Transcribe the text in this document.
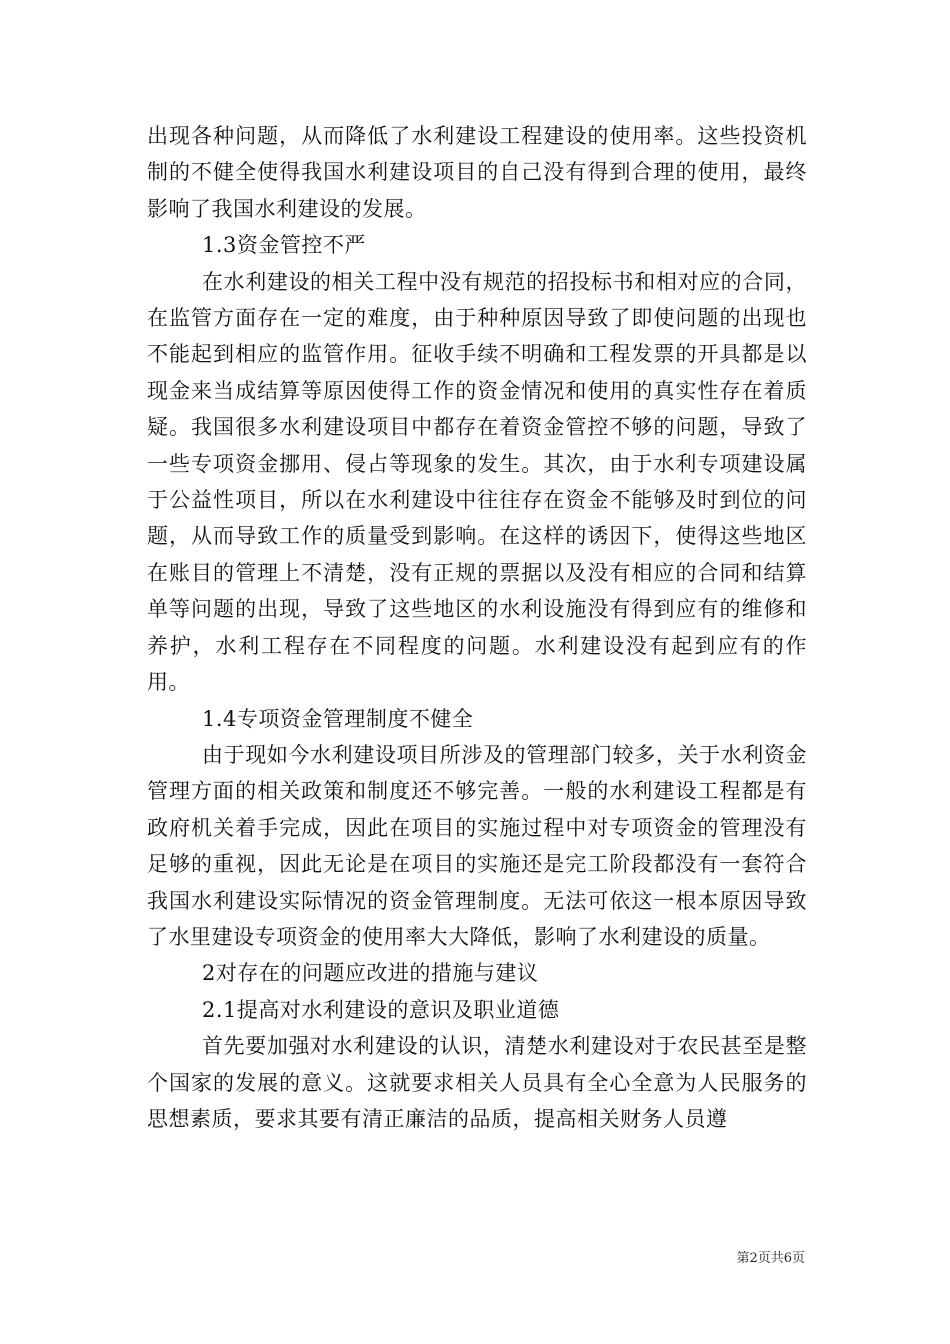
出现各种问题，从而降低了水利建设工程建设的使用率。这些投资机制的不健全使得我国水利建设项目的自己没有得到合理的使用，最终影响了我国水利建设的发展。

1.3资金管控不严

在水利建设的相关工程中没有规范的招投标书和相对应的合同，在监管方面存在一定的难度，由于种种原因导致了即使问题的出现也不能起到相应的监管作用。征收手续不明确和工程发票的开具都是以现金来当成结算等原因使得工作的资金情况和使用的真实性存在着质疑。我国很多水利建设项目中都存在着资金管控不够的问题，导致了一些专项资金挪用、侵占等现象的发生。其次，由于水利专项建设属于公益性项目，所以在水利建设中往往存在资金不能够及时到位的问题，从而导致工作的质量受到影响。在这样的诱因下，使得这些地区在账目的管理上不清楚，没有正规的票据以及没有相应的合同和结算单等问题的出现，导致了这些地区的水利设施没有得到应有的维修和养护，水利工程存在不同程度的问题。水利建设没有起到应有的作用。

1.4专项资金管理制度不健全

由于现如今水利建设项目所涉及的管理部门较多，关于水利资金管理方面的相关政策和制度还不够完善。一般的水利建设工程都是有政府机关着手完成，因此在项目的实施过程中对专项资金的管理没有足够的重视，因此无论是在项目的实施还是完工阶段都没有一套符合我国水利建设实际情况的资金管理制度。无法可依这一根本原因导致了水里建设专项资金的使用率大大降低，影响了水利建设的质量。

2对存在的问题应改进的措施与建议

2.1提高对水利建设的意识及职业道德

首先要加强对水利建设的认识，清楚水利建设对于农民甚至是整个国家的发展的意义。这就要求相关人员具有全心全意为人民服务的思想素质，要求其要有清正廉洁的品质，提高相关财务人员遵

第2页共6页
